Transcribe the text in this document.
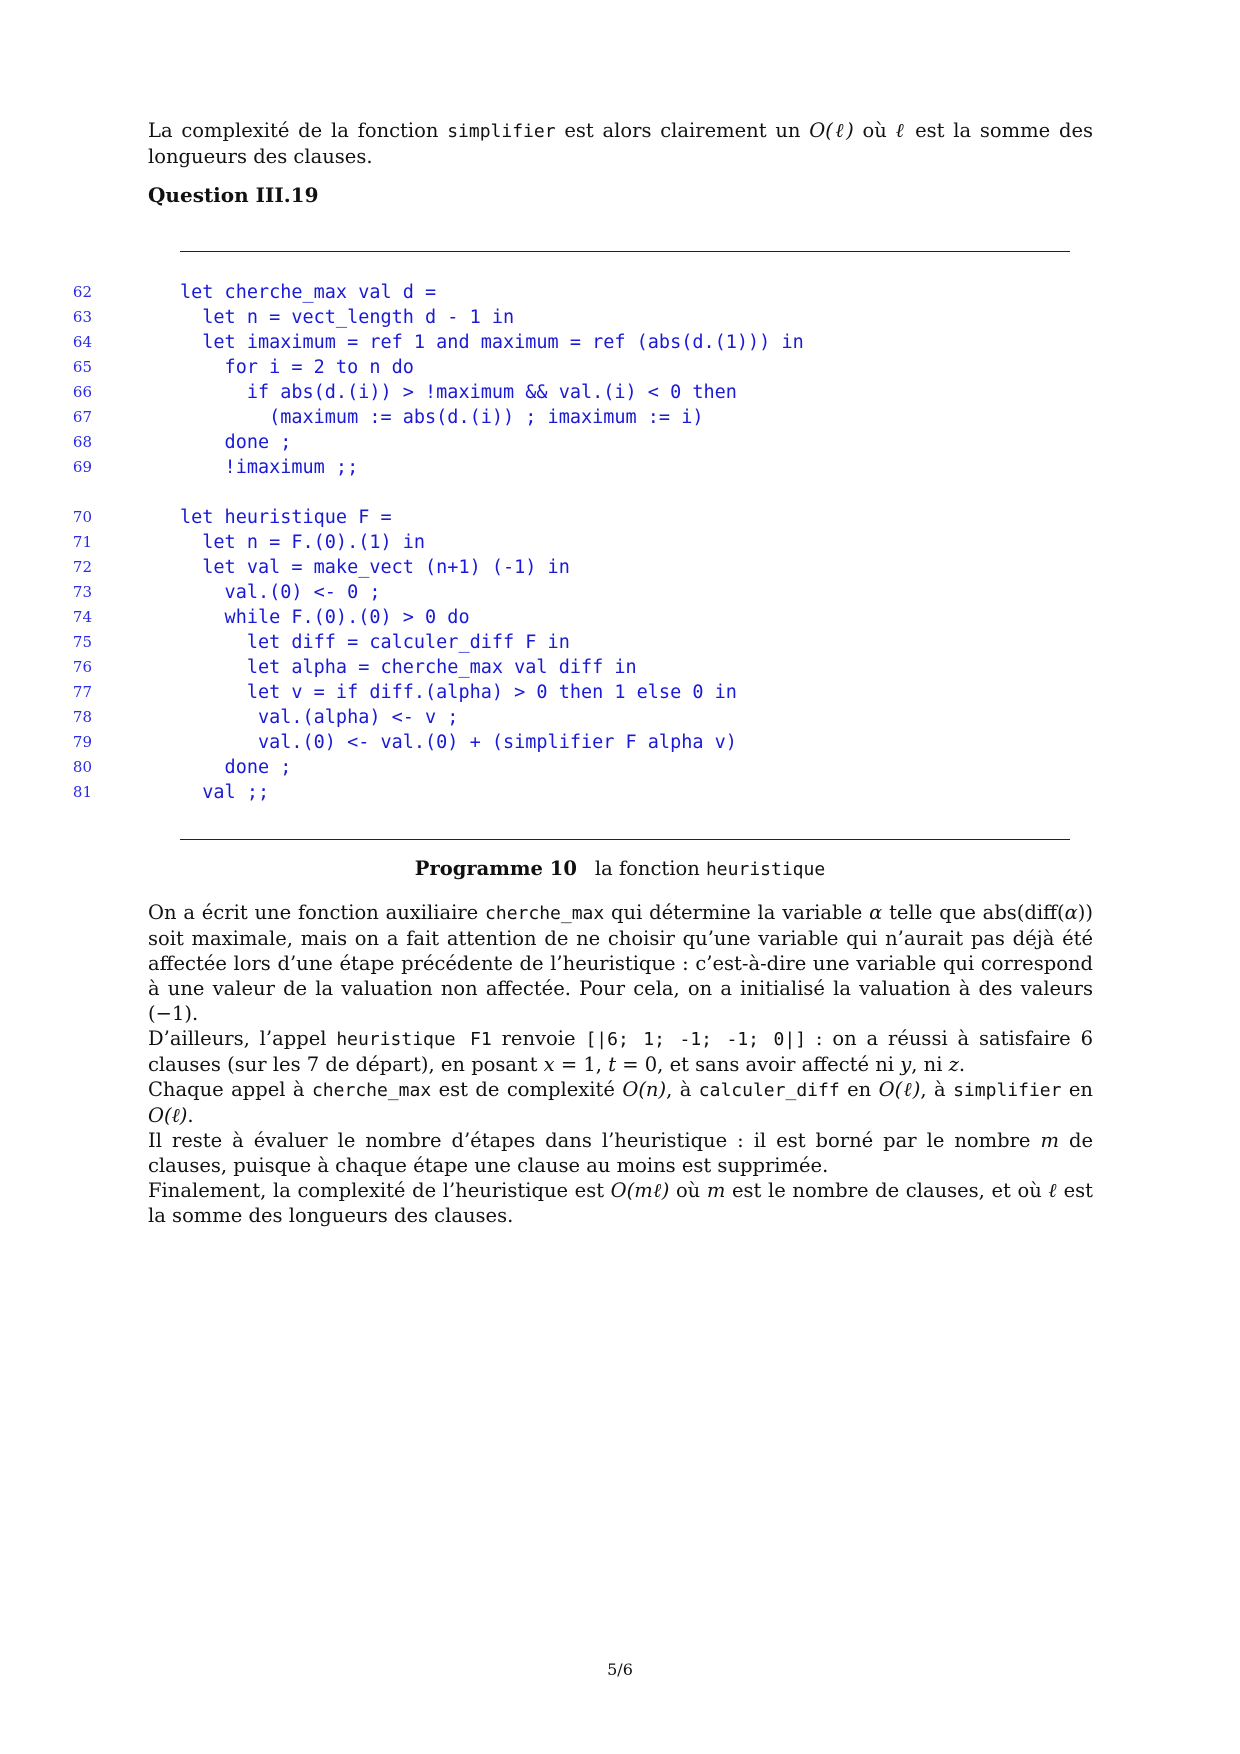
La complexité de la fonction simplifier est alors clairement un O(ℓ) où ℓ est la somme des longueurs des clauses.

Question III.19

62	let cherche_max val d =
63	let n = vect_length d - 1 in
64	let imaximum = ref 1 and maximum = ref (abs(d.(1))) in
65	for i = 2 to n do
66	if abs(d.(i)) > !maximum && val.(i) < 0 then
67	(maximum := abs(d.(i)) ; imaximum := i)
68	done ;
69	!imaximum ;;
70	let heuristique F =
71	let n = F.(0).(1) in
72	let val = make_vect (n+1) (-1) in
73	val.(0) <- 0 ;
74	while F.(0).(0) > 0 do
75	let diff = calculer_diff F in
76	let alpha = cherche_max val diff in
77	let v = if diff.(alpha) > 0 then 1 else 0 in
78	val.(alpha) <- v ;
79	val.(0) <- val.(0) + (simplifier F alpha v)
80	done ;
81	val ;;
Programme 10 la fonction heuristique

On a écrit une fonction auxiliaire cherche_max qui détermine la variable α telle que abs(diff(α)) soit maximale, mais on a fait attention de ne choisir qu’une variable qui n’aurait pas déjà été affectée lors d’une étape précédente de l’heuristique : c’est-à-dire une variable qui correspond à une valeur de la valuation non affectée. Pour cela, on a initialisé la valuation à des valeurs (−1).

D’ailleurs, l’appel heuristique F1 renvoie [|6; 1; -1; -1; 0|] : on a réussi à satisfaire 6 clauses (sur les 7 de départ), en posant x = 1, t = 0, et sans avoir affecté ni y, ni z.

Chaque appel à cherche_max est de complexité O(n), à calculer_diff en O(ℓ), à simplifier en O(ℓ).

Il reste à évaluer le nombre d’étapes dans l’heuristique : il est borné par le nombre m de clauses, puisque à chaque étape une clause au moins est supprimée.

Finalement, la complexité de l’heuristique est O(mℓ) où m est le nombre de clauses, et où ℓ est la somme des longueurs des clauses.

5/6
